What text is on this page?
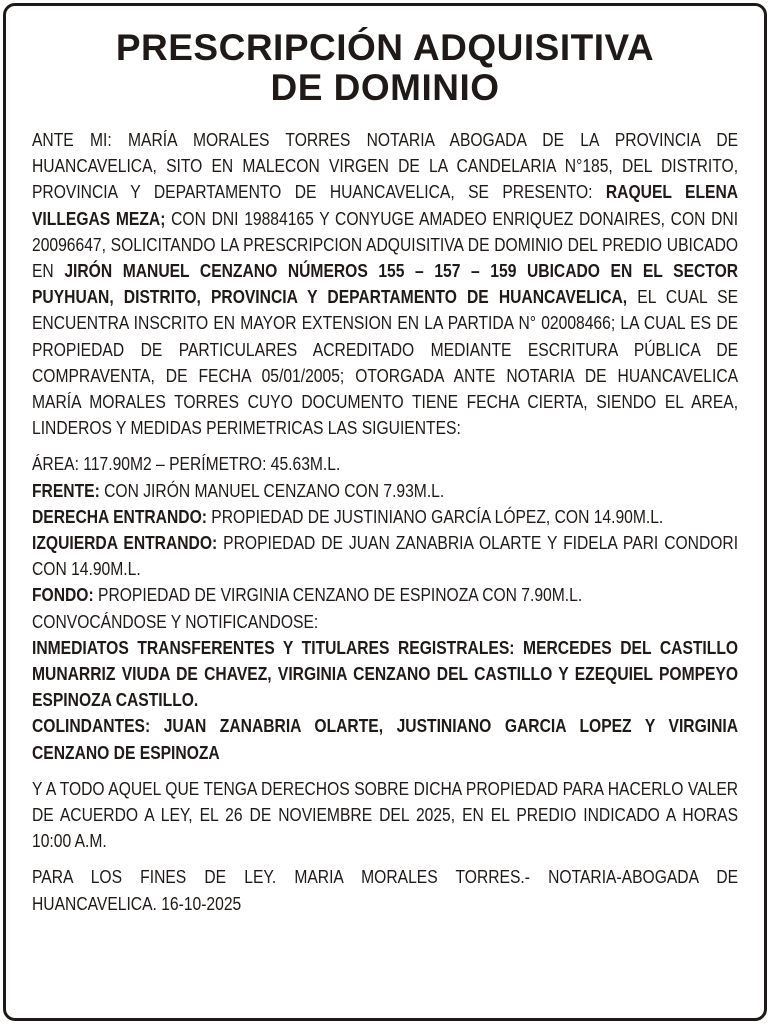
PRESCRIPCIÓN ADQUISITIVA
DE DOMINIO

ANTE MI: MARÍA MORALES TORRES NOTARIA ABOGADA DE LA PROVINCIA DE HUANCAVELICA, SITO EN MALECON VIRGEN DE LA CANDELARIA N°185, DEL DISTRITO, PROVINCIA Y DEPARTAMENTO DE HUANCAVELICA, SE PRESENTO: RAQUEL ELENA VILLEGAS MEZA; CON DNI 19884165 Y CONYUGE AMADEO ENRIQUEZ DONAIRES, CON DNI 20096647, SOLICITANDO LA PRESCRIPCION ADQUISITIVA DE DOMINIO DEL PREDIO UBICADO EN JIRÓN MANUEL CENZANO NÚMEROS 155 – 157 – 159 UBICADO EN EL SECTOR PUYHUAN, DISTRITO, PROVINCIA Y DEPARTAMENTO DE HUANCAVELICA, EL CUAL SE ENCUENTRA INSCRITO EN MAYOR EXTENSION EN LA PARTIDA N° 02008466; LA CUAL ES DE PROPIEDAD DE PARTICULARES ACREDITADO MEDIANTE ESCRITURA PÚBLICA DE COMPRAVENTA, DE FECHA 05/01/2005; OTORGADA ANTE NOTARIA DE HUANCAVELICA MARÍA MORALES TORRES CUYO DOCUMENTO TIENE FECHA CIERTA, SIENDO EL AREA, LINDEROS Y MEDIDAS PERIMETRICAS LAS SIGUIENTES:

ÁREA: 117.90M2 – PERÍMETRO: 45.63M.L.

FRENTE: CON JIRÓN MANUEL CENZANO CON 7.93M.L.

DERECHA ENTRANDO: PROPIEDAD DE JUSTINIANO GARCÍA LÓPEZ, CON 14.90M.L.

IZQUIERDA ENTRANDO: PROPIEDAD DE JUAN ZANABRIA OLARTE Y FIDELA PARI CONDORI CON 14.90M.L.

FONDO: PROPIEDAD DE VIRGINIA CENZANO DE ESPINOZA CON 7.90M.L.

CONVOCÁNDOSE Y NOTIFICANDOSE:

INMEDIATOS TRANSFERENTES Y TITULARES REGISTRALES: MERCEDES DEL CASTILLO MUNARRIZ VIUDA DE CHAVEZ, VIRGINIA CENZANO DEL CASTILLO Y EZEQUIEL POMPEYO ESPINOZA CASTILLO.

COLINDANTES: JUAN ZANABRIA OLARTE, JUSTINIANO GARCIA LOPEZ Y VIRGINIA CENZANO DE ESPINOZA

Y A TODO AQUEL QUE TENGA DERECHOS SOBRE DICHA PROPIEDAD PARA HACERLO VALER DE ACUERDO A LEY, EL 26 DE NOVIEMBRE DEL 2025, EN EL PREDIO INDICADO A HORAS 10:00 A.M.

PARA LOS FINES DE LEY. MARIA MORALES TORRES.- NOTARIA-ABOGADA DE HUANCAVELICA. 16-10-2025
